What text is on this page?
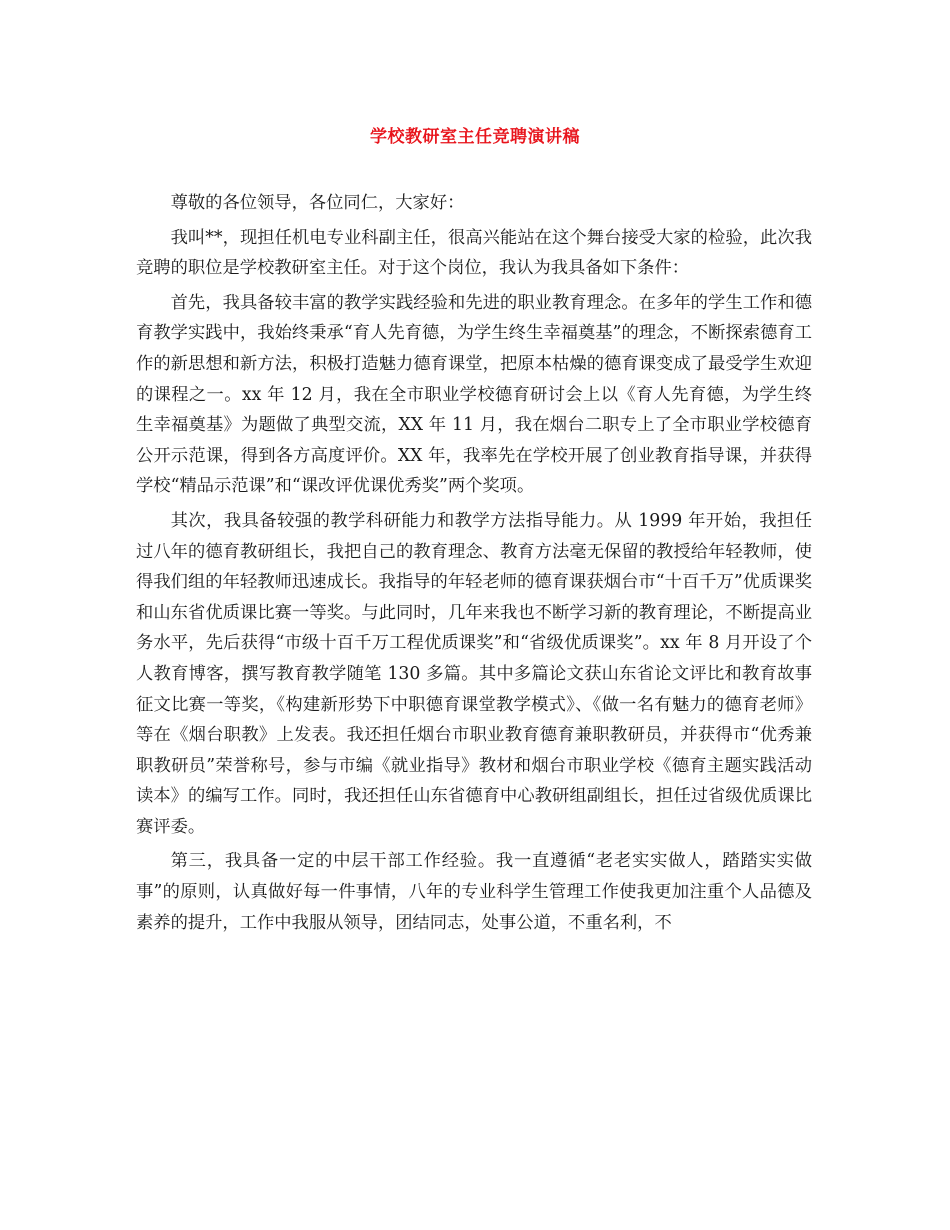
学校教研室主任竞聘演讲稿

尊敬的各位领导，各位同仁，大家好：

我叫**，现担任机电专业科副主任，很高兴能站在这个舞台接受大家的检验，此次我竞聘的职位是学校教研室主任。对于这个岗位，我认为我具备如下条件：

首先，我具备较丰富的教学实践经验和先进的职业教育理念。在多年的学生工作和德育教学实践中，我始终秉承“育人先育德，为学生终生幸福奠基”的理念，不断探索德育工作的新思想和新方法，积极打造魅力德育课堂，把原本枯燥的德育课变成了最受学生欢迎的课程之一。xx 年 12 月，我在全市职业学校德育研讨会上以《育人先育德，为学生终生幸福奠基》为题做了典型交流，XX 年 11 月，我在烟台二职专上了全市职业学校德育公开示范课，得到各方高度评价。XX 年，我率先在学校开展了创业教育指导课，并获得学校“精品示范课”和“课改评优课优秀奖”两个奖项。

其次，我具备较强的教学科研能力和教学方法指导能力。从 1999 年开始，我担任过八年的德育教研组长，我把自己的教育理念、教育方法毫无保留的教授给年轻教师，使得我们组的年轻教师迅速成长。我指导的年轻老师的德育课获烟台市“十百千万”优质课奖和山东省优质课比赛一等奖。与此同时，几年来我也不断学习新的教育理论，不断提高业务水平，先后获得“市级十百千万工程优质课奖”和“省级优质课奖”。xx 年 8 月开设了个人教育博客，撰写教育教学随笔 130 多篇。其中多篇论文获山东省论文评比和教育故事征文比赛一等奖，《构建新形势下中职德育课堂教学模式》、《做一名有魅力的德育老师》等在《烟台职教》上发表。我还担任烟台市职业教育德育兼职教研员，并获得市“优秀兼职教研员”荣誉称号，参与市编《就业指导》教材和烟台市职业学校《德育主题实践活动读本》的编写工作。同时，我还担任山东省德育中心教研组副组长，担任过省级优质课比赛评委。

第三，我具备一定的中层干部工作经验。我一直遵循“老老实实做人，踏踏实实做事”的原则，认真做好每一件事情，八年的专业科学生管理工作使我更加注重个人品德及素养的提升，工作中我服从领导，团结同志，处事公道，不重名利，不
